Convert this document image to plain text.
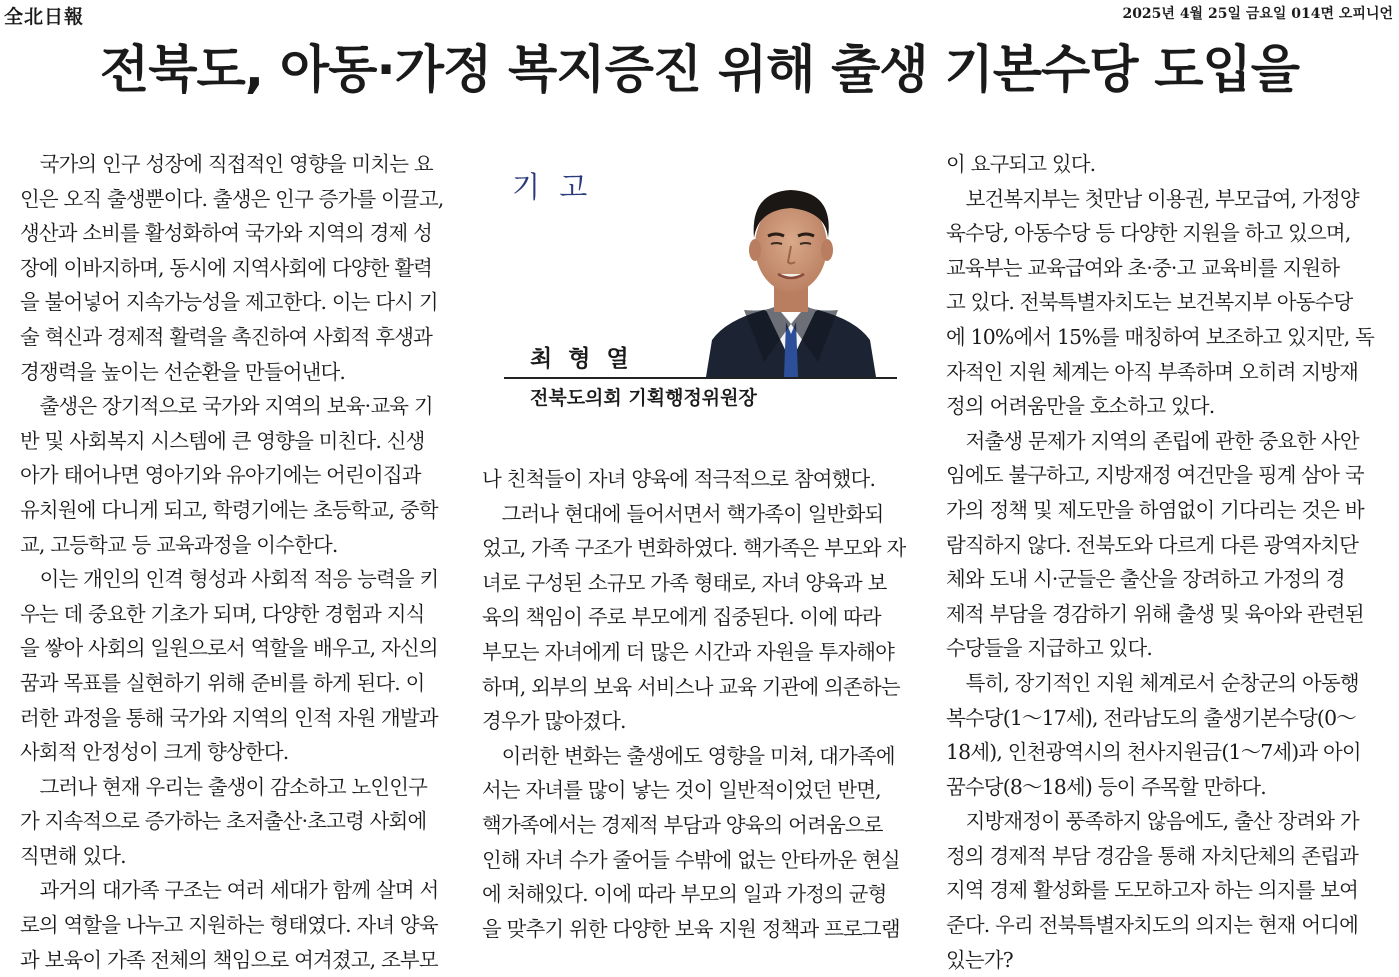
全北日報	2025년 4월 25일 금요일 014면 오피니언
전북도, 아동·가정 복지증진 위해 출생 기본수당 도입을

　국가의 인구 성장에 직접적인 영향을 미치는 요

인은 오직 출생뿐이다. 출생은 인구 증가를 이끌고,

생산과 소비를 활성화하여 국가와 지역의 경제 성

장에 이바지하며, 동시에 지역사회에 다양한 활력

을 불어넣어 지속가능성을 제고한다. 이는 다시 기

술 혁신과 경제적 활력을 촉진하여 사회적 후생과

경쟁력을 높이는 선순환을 만들어낸다.

　출생은 장기적으로 국가와 지역의 보육·교육 기

반 및 사회복지 시스템에 큰 영향을 미친다. 신생

아가 태어나면 영아기와 유아기에는 어린이집과

유치원에 다니게 되고, 학령기에는 초등학교, 중학

교, 고등학교 등 교육과정을 이수한다.

　이는 개인의 인격 형성과 사회적 적응 능력을 키

우는 데 중요한 기초가 되며, 다양한 경험과 지식

을 쌓아 사회의 일원으로서 역할을 배우고, 자신의

꿈과 목표를 실현하기 위해 준비를 하게 된다. 이

러한 과정을 통해 국가와 지역의 인적 자원 개발과

사회적 안정성이 크게 향상한다.

　그러나 현재 우리는 출생이 감소하고 노인인구

가 지속적으로 증가하는 초저출산·초고령 사회에

직면해 있다.

　과거의 대가족 구조는 여러 세대가 함께 살며 서

로의 역할을 나누고 지원하는 형태였다. 자녀 양육

과 보육이 가족 전체의 책임으로 여겨졌고, 조부모

기 고
최 형 열
전북도의회 기획행정위원장

나 친척들이 자녀 양육에 적극적으로 참여했다.

　그러나 현대에 들어서면서 핵가족이 일반화되

었고, 가족 구조가 변화하였다. 핵가족은 부모와 자

녀로 구성된 소규모 가족 형태로, 자녀 양육과 보

육의 책임이 주로 부모에게 집중된다. 이에 따라

부모는 자녀에게 더 많은 시간과 자원을 투자해야

하며, 외부의 보육 서비스나 교육 기관에 의존하는

경우가 많아졌다.

　이러한 변화는 출생에도 영향을 미쳐, 대가족에

서는 자녀를 많이 낳는 것이 일반적이었던 반면,

핵가족에서는 경제적 부담과 양육의 어려움으로

인해 자녀 수가 줄어들 수밖에 없는 안타까운 현실

에 처해있다. 이에 따라 부모의 일과 가정의 균형

을 맞추기 위한 다양한 보육 지원 정책과 프로그램

이 요구되고 있다.

　보건복지부는 첫만남 이용권, 부모급여, 가정양

육수당, 아동수당 등 다양한 지원을 하고 있으며,

교육부는 교육급여와 초·중·고 교육비를 지원하

고 있다. 전북특별자치도는 보건복지부 아동수당

에 10%에서 15%를 매칭하여 보조하고 있지만, 독

자적인 지원 체계는 아직 부족하며 오히려 지방재

정의 어려움만을 호소하고 있다.

　저출생 문제가 지역의 존립에 관한 중요한 사안

임에도 불구하고, 지방재정 여건만을 핑계 삼아 국

가의 정책 및 제도만을 하염없이 기다리는 것은 바

람직하지 않다. 전북도와 다르게 다른 광역자치단

체와 도내 시·군들은 출산을 장려하고 가정의 경

제적 부담을 경감하기 위해 출생 및 육아와 관련된

수당들을 지급하고 있다.

　특히, 장기적인 지원 체계로서 순창군의 아동행

복수당(1～17세), 전라남도의 출생기본수당(0～

18세), 인천광역시의 천사지원금(1～7세)과 아이

꿈수당(8～18세) 등이 주목할 만하다.

　지방재정이 풍족하지 않음에도, 출산 장려와 가

정의 경제적 부담 경감을 통해 자치단체의 존립과

지역 경제 활성화를 도모하고자 하는 의지를 보여

준다. 우리 전북특별자치도의 의지는 현재 어디에

있는가?
